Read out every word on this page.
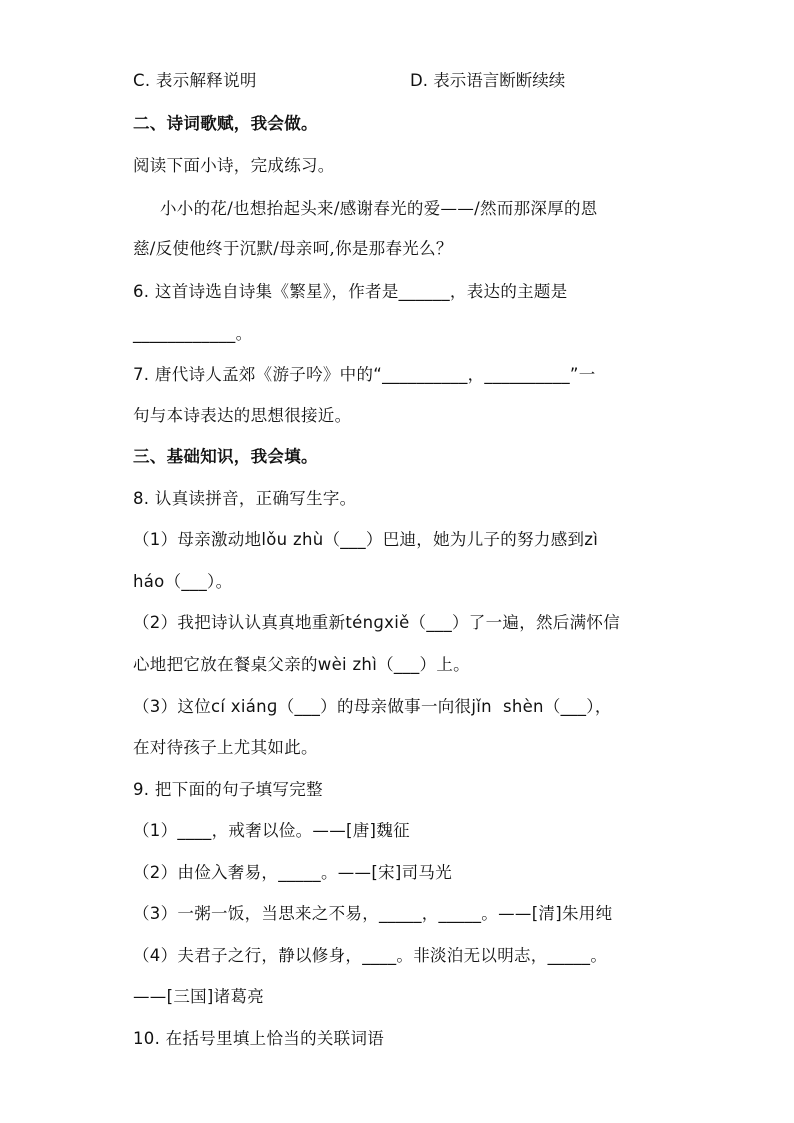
C. 表示解释说明	D. 表示语言断断续续
二、诗词歌赋，我会做。
阅读下面小诗，完成练习。
小小的花/也想抬起头来/感谢春光的爱——/然而那深厚的恩
慈/反使他终于沉默/母亲呵,你是那春光么？
6. 这首诗选自诗集《繁星》，作者是______，表达的主题是
____________。
7. 唐代诗人孟郊《游子吟》中的“__________，__________”一
句与本诗表达的思想很接近。
三、基础知识，我会填。
8. 认真读拼音，正确写生字。
（1）母亲激动地lǒu zhù（___）巴迪，她为儿子的努力感到zì
háo（___）。
（2）我把诗认认真真地重新ténɡxiě（___）了一遍，然后满怀信
心地把它放在餐桌父亲的wèi zhì（___）上。
（3）这位cí xiánɡ（___）的母亲做事一向很jǐn  shèn（___），
在对待孩子上尤其如此。
9. 把下面的句子填写完整
（1）____，戒奢以俭。——[唐]魏征
（2）由俭入奢易，_____。——[宋]司马光
（3）一粥一饭，当思来之不易，_____，_____。——[清]朱用纯
（4）夫君子之行，静以修身，____。非淡泊无以明志，_____。
——[三国]诸葛亮
10. 在括号里填上恰当的关联词语
